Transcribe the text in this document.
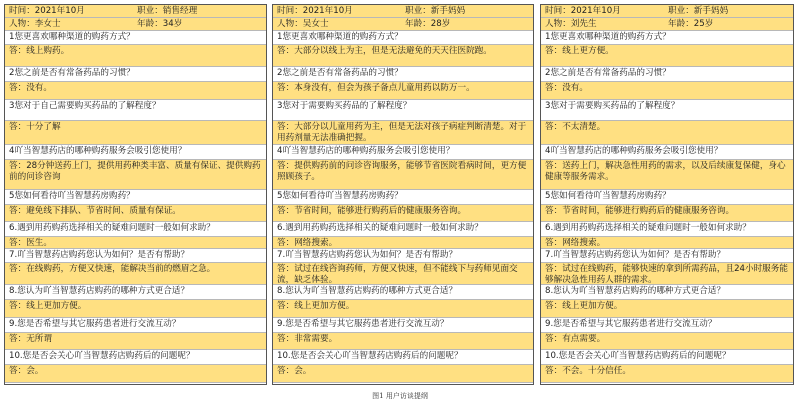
时间：2021年10月	职业：销售经理
人物：李女士	年龄：34岁
1您更喜欢哪种渠道的购药方式？
答：线上购药。
2您之前是否有常备药品的习惯？
答：没有。
3您对于自己需要购买药品的了解程度？
答：十分了解
4吖当智慧药店的哪种购药服务会吸引您使用？
答：28分钟送药上门，提供用药种类丰富、质量有保证、提供购药前的问诊咨询
5您如何看待吖当智慧药房购药？
答：避免线下排队、节省时间、质量有保证。
6.遇到用药购药选择相关的疑难问题时一般如何求助？
答：医生。
7.吖当智慧药店购药您认为如何？是否有帮助？
答：在线购药，方便又快速，能解决当前的燃眉之急。
8.您认为吖当智慧药店购药的哪种方式更合适？
答：线上更加方便。
9.您是否希望与其它服药患者进行交流互动？
答：无所谓
10.您是否会关心吖当智慧药店购药后的问题呢？
答：会。
时间：2021年10月	职业：新手妈妈
人物：吴女士	年龄：28岁
1您更喜欢哪种渠道的购药方式？
答：大部分以线上为主，但是无法避免的天天往医院跑。
2您之前是否有常备药品的习惯？
答：本身没有，但会为孩子备点儿童用药以防万一。
3您对于需要购买药品的了解程度？
答：大部分以儿童用药为主，但是无法对孩子病症判断清楚。对于用药剂量无法准确把握。
4吖当智慧药店的哪种购药服务会吸引您使用？
答：提供购药前的问诊咨询服务，能够节省医院看病时间，更方便照顾孩子。
5您如何看待吖当智慧药房购药？
答：节省时间，能够进行购药后的健康服务咨询。
6.遇到用药购药选择相关的疑难问题时一般如何求助？
答：网络搜索。
7.吖当智慧药店购药您认为如何？是否有帮助？
答：试过在线咨询药师，方便又快速，但不能线下与药师见面交流，缺乏体验。
8.您认为吖当智慧药店购药的哪种方式更合适？
答：线上更加方便。
9.您是否希望与其它服药患者进行交流互动？
答：非常需要。
10.您是否会关心吖当智慧药店购药后的问题呢？
答：会。
时间：2021年10月	职业：新手妈妈
人物：刘先生	年龄：25岁
1您更喜欢哪种渠道的购药方式？
答：线上更方便。
2您之前是否有常备药品的习惯？
答：没有。
3您对于需要购买药品的了解程度？
答：不太清楚。
4吖当智慧药店的哪种购药服务会吸引您使用？
答：送药上门，解决急性用药的需求，以及后续康复保健，身心健康等服务需求。
5您如何看待吖当智慧药房购药？
答：节省时间，能够进行购药后的健康服务咨询。
6.遇到用药购药选择相关的疑难问题时一般如何求助？
答：网络搜索。
7.吖当智慧药店购药您认为如何？是否有帮助？
答：试过在线购药，能够快速的拿到所需药品，且24小时服务能够解决急性用药人群的需求。
8.您认为吖当智慧药店购药的哪种方式更合适？
答：线上更加方便。
9.您是否希望与其它服药患者进行交流互动？
答：有点需要。
10.您是否会关心吖当智慧药店购药后的问题呢？
答：不会。十分信任。
图1 用户访谈提纲
